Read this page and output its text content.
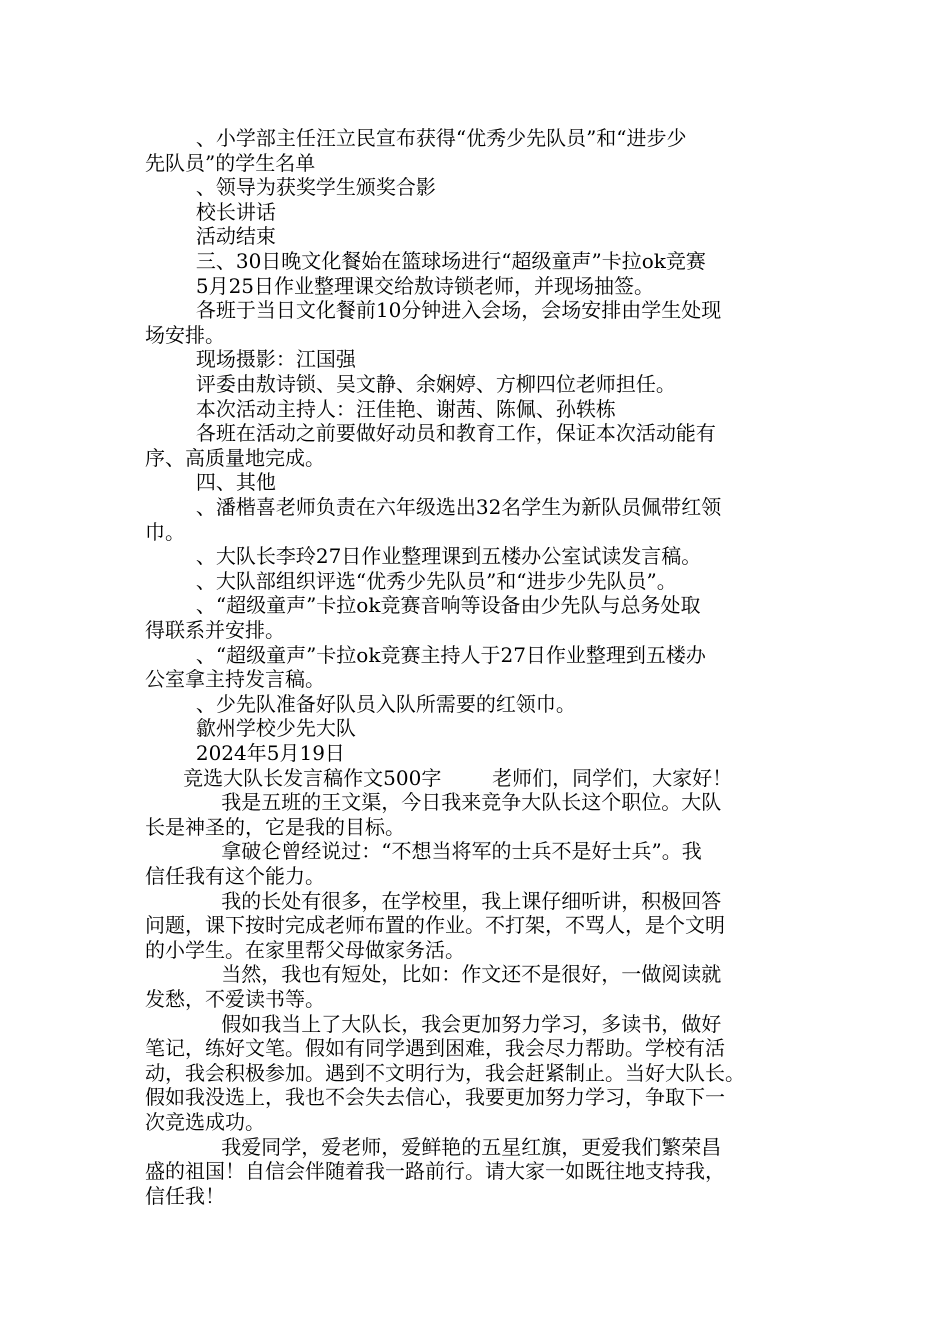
、小学部主任汪立民宣布获得“优秀少先队员”和“进步少

先队员”的学生名单

、领导为获奖学生颁奖合影

校长讲话

活动结束

三、30日晚文化餐始在篮球场进行“超级童声”卡拉ok竞赛

5月25日作业整理课交给敖诗锁老师，并现场抽签。

各班于当日文化餐前10分钟进入会场，会场安排由学生处现

场安排。

现场摄影：江国强

评委由敖诗锁、吴文静、余娴婷、方柳四位老师担任。

本次活动主持人：汪佳艳、谢茜、陈佩、孙轶栋

各班在活动之前要做好动员和教育工作，保证本次活动能有

序、高质量地完成。

四、其他

、潘楷喜老师负责在六年级选出32名学生为新队员佩带红领

巾。

、大队长李玲27日作业整理课到五楼办公室试读发言稿。

、大队部组织评选“优秀少先队员”和“进步少先队员”。

、“超级童声”卡拉ok竞赛音响等设备由少先队与总务处取

得联系并安排。

、“超级童声”卡拉ok竞赛主持人于27日作业整理到五楼办

公室拿主持发言稿。

、少先队准备好队员入队所需要的红领巾。

歙州学校少先大队

2024年5月19日

竞选大队长发言稿作文500字        老师们，同学们，大家好！

我是五班的王文渠，今日我来竞争大队长这个职位。大队

长是神圣的，它是我的目标。

拿破仑曾经说过：“不想当将军的士兵不是好士兵”。我

信任我有这个能力。

我的长处有很多，在学校里，我上课仔细听讲，积极回答

问题，课下按时完成老师布置的作业。不打架，不骂人，是个文明

的小学生。在家里帮父母做家务活。

当然，我也有短处，比如：作文还不是很好，一做阅读就

发愁，不爱读书等。

假如我当上了大队长，我会更加努力学习，多读书，做好

笔记，练好文笔。假如有同学遇到困难，我会尽力帮助。学校有活

动，我会积极参加。遇到不文明行为，我会赶紧制止。当好大队长。

假如我没选上，我也不会失去信心，我要更加努力学习，争取下一

次竞选成功。

我爱同学，爱老师，爱鲜艳的五星红旗，更爱我们繁荣昌

盛的祖国！自信会伴随着我一路前行。请大家一如既往地支持我，

信任我！
